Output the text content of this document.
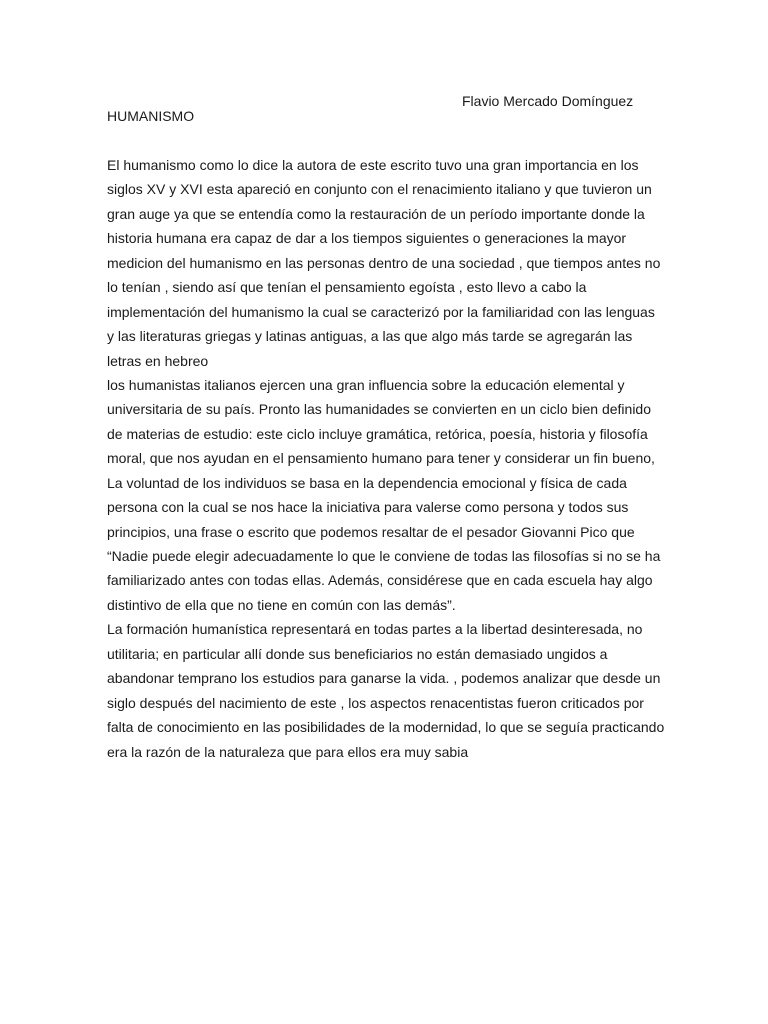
Flavio Mercado Domínguez
HUMANISMO
El humanismo como lo dice la autora de este escrito tuvo una gran importancia en los
siglos XV y XVI esta apareció en conjunto con el renacimiento italiano y que tuvieron un
gran auge ya que se entendía como la restauración de un período importante donde la
historia humana era capaz de dar a los tiempos siguientes o generaciones la mayor
medicion del humanismo en las personas dentro de una sociedad , que tiempos antes no
lo tenían , siendo así que tenían el pensamiento egoísta , esto llevo a cabo la
implementación del humanismo la cual se caracterizó por la familiaridad con las lenguas
y las literaturas griegas y latinas antiguas, a las que algo más tarde se agregarán las
letras en hebreo
los humanistas italianos ejercen una gran influencia sobre la educación elemental y
universitaria de su país. Pronto las humanidades se convierten en un ciclo bien definido
de materias de estudio: este ciclo incluye gramática, retórica, poesía, historia y filosofía
moral, que nos ayudan en el pensamiento humano para tener y considerar un fin bueno,
La voluntad de los individuos se basa en la dependencia emocional y física de cada
persona con la cual se nos hace la iniciativa para valerse como persona y todos sus
principios, una frase o escrito que podemos resaltar de el pesador Giovanni Pico que
“Nadie puede elegir adecuadamente lo que le conviene de todas las filosofías si no se ha
familiarizado antes con todas ellas. Además, considérese que en cada escuela hay algo
distintivo de ella que no tiene en común con las demás”.
La formación humanística representará en todas partes a la libertad desinteresada, no
utilitaria; en particular allí donde sus beneficiarios no están demasiado ungidos a
abandonar temprano los estudios para ganarse la vida. , podemos analizar que desde un
siglo después del nacimiento de este , los aspectos renacentistas fueron criticados por
falta de conocimiento en las posibilidades de la modernidad, lo que se seguía practicando
era la razón de la naturaleza que para ellos era muy sabia
